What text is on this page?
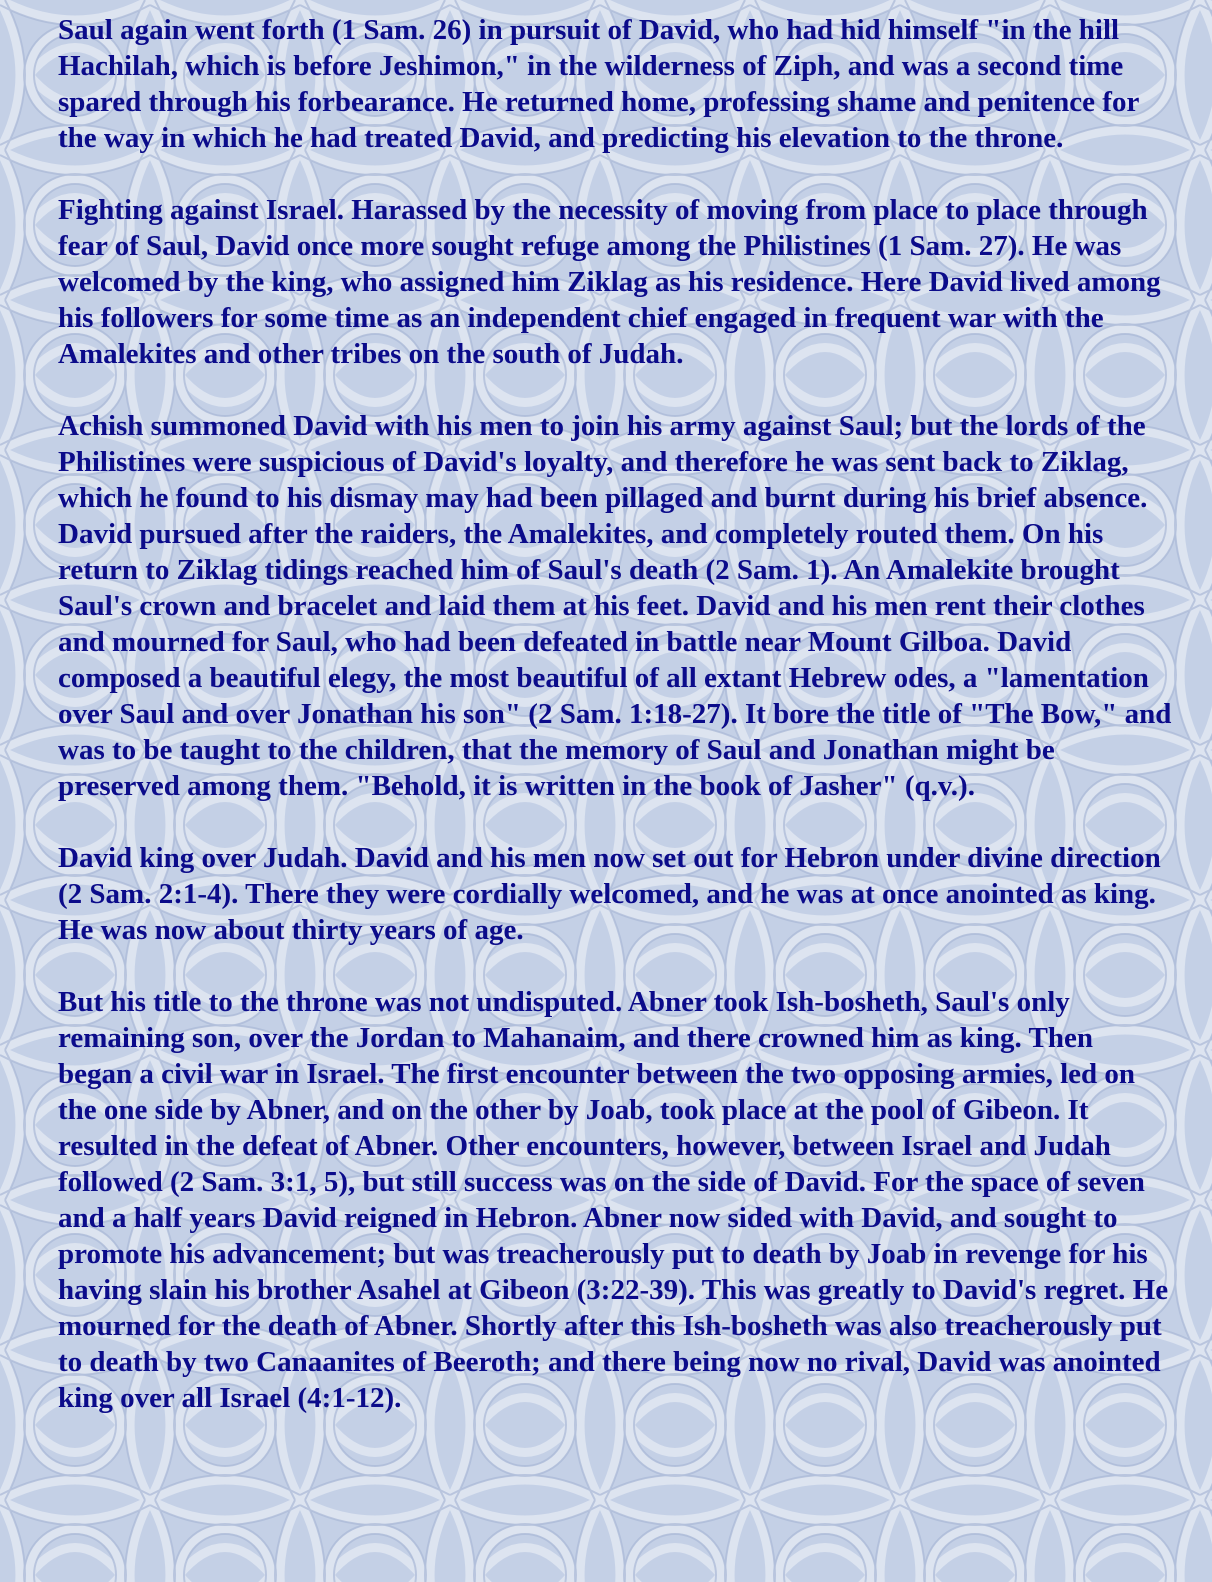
Saul again went forth (1 Sam. 26) in pursuit of David, who had hid himself "in the hill Hachilah, which is before Jeshimon," in the wilderness of Ziph, and was a second time spared through his forbearance. He returned home, professing shame and penitence for the way in which he had treated David, and predicting his elevation to the throne.

Fighting against Israel. Harassed by the necessity of moving from place to place through fear of Saul, David once more sought refuge among the Philistines (1 Sam. 27). He was welcomed by the king, who assigned him Ziklag as his residence. Here David lived among his followers for some time as an independent chief engaged in frequent war with the Amalekites and other tribes on the south of Judah.

Achish summoned David with his men to join his army against Saul; but the lords of the Philistines were suspicious of David's loyalty, and therefore he was sent back to Ziklag, which he found to his dismay may had been pillaged and burnt during his brief absence. David pursued after the raiders, the Amalekites, and completely routed them. On his return to Ziklag tidings reached him of Saul's death (2 Sam. 1). An Amalekite brought Saul's crown and bracelet and laid them at his feet. David and his men rent their clothes and mourned for Saul, who had been defeated in battle near Mount Gilboa. David composed a beautiful elegy, the most beautiful of all extant Hebrew odes, a "lamentation over Saul and over Jonathan his son" (2 Sam. 1:18-27). It bore the title of "The Bow," and was to be taught to the children, that the memory of Saul and Jonathan might be preserved among them. "Behold, it is written in the book of Jasher" (q.v.).

David king over Judah. David and his men now set out for Hebron under divine direction (2 Sam. 2:1-4). There they were cordially welcomed, and he was at once anointed as king. He was now about thirty years of age.

But his title to the throne was not undisputed. Abner took Ish-bosheth, Saul's only remaining son, over the Jordan to Mahanaim, and there crowned him as king. Then began a civil war in Israel. The first encounter between the two opposing armies, led on the one side by Abner, and on the other by Joab, took place at the pool of Gibeon. It resulted in the defeat of Abner. Other encounters, however, between Israel and Judah followed (2 Sam. 3:1, 5), but still success was on the side of David. For the space of seven and a half years David reigned in Hebron. Abner now sided with David, and sought to promote his advancement; but was treacherously put to death by Joab in revenge for his having slain his brother Asahel at Gibeon (3:22-39). This was greatly to David's regret. He mourned for the death of Abner. Shortly after this Ish-bosheth was also treacherously put to death by two Canaanites of Beeroth; and there being now no rival, David was anointed king over all Israel (4:1-12).
